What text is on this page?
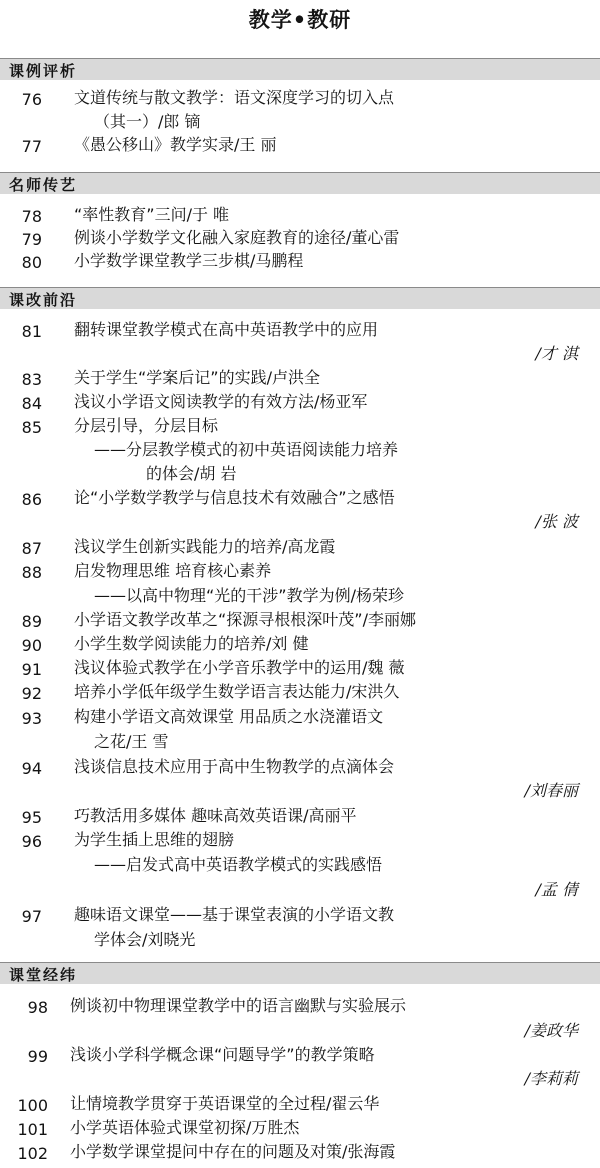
教学•教研
课例评析
名师传艺
课改前沿
课堂经纬
76 文道传统与散文教学：语文深度学习的切入点
（其一）/郎 镝
77 《愚公移山》教学实录/王 丽
78 “率性教育”三问/于 唯
79 例谈小学数学文化融入家庭教育的途径/董心雷
80 小学数学课堂教学三步棋/马鹏程
81 翻转课堂教学模式在高中英语教学中的应用
/才 淇
83 关于学生“学案后记”的实践/卢洪全
84 浅议小学语文阅读教学的有效方法/杨亚军
85 分层引导，分层目标
——分层教学模式的初中英语阅读能力培养
的体会/胡 岩
86 论“小学数学教学与信息技术有效融合”之感悟
/张 波
87 浅议学生创新实践能力的培养/高龙霞
88 启发物理思维 培育核心素养
——以高中物理“光的干涉”教学为例/杨荣珍
89 小学语文教学改革之“探源寻根根深叶茂”/李丽娜
90 小学生数学阅读能力的培养/刘 健
91 浅议体验式教学在小学音乐教学中的运用/魏 薇
92 培养小学低年级学生数学语言表达能力/宋洪久
93 构建小学语文高效课堂 用品质之水浇灌语文
之花/王 雪
94 浅谈信息技术应用于高中生物教学的点滴体会
/刘春丽
95 巧教活用多媒体 趣味高效英语课/高丽平
96 为学生插上思维的翅膀
——启发式高中英语教学模式的实践感悟
/孟 倩
97 趣味语文课堂——基于课堂表演的小学语文教
学体会/刘晓光
98 例谈初中物理课堂教学中的语言幽默与实验展示
/姜政华
99 浅谈小学科学概念课“问题导学”的教学策略
/李莉莉
100 让情境教学贯穿于英语课堂的全过程/翟云华
101 小学英语体验式课堂初探/万胜杰
102 小学数学课堂提问中存在的问题及对策/张海霞
